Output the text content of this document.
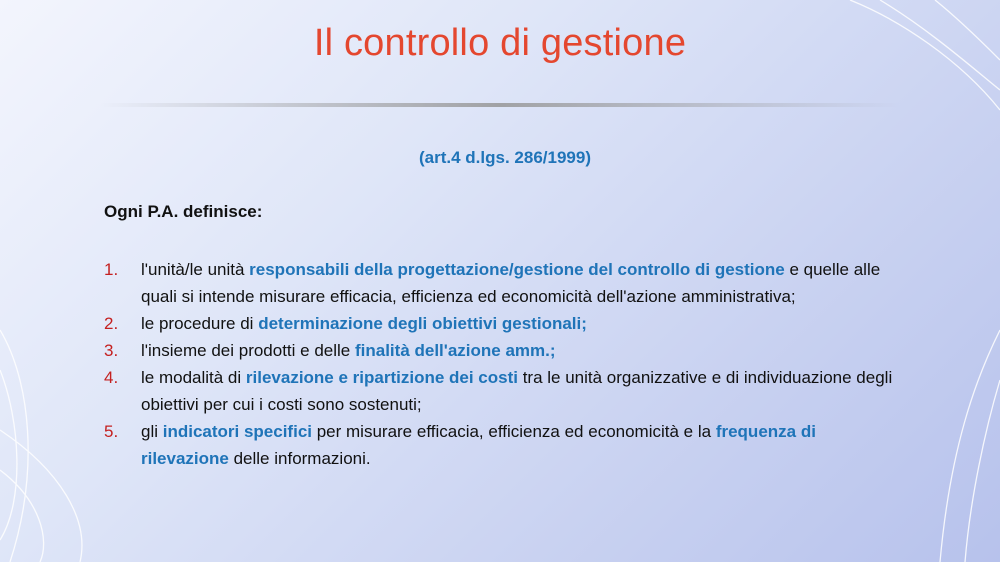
Il controllo di gestione
(art.4 d.lgs. 286/1999)
Ogni P.A. definisce:
1.	l'unità/le unità responsabili della progettazione/gestione del controllo di gestione e quelle alle quali si intende misurare efficacia, efficienza ed economicità dell'azione amministrativa;
2.	le procedure di determinazione degli obiettivi gestionali;
3.	l'insieme dei prodotti e delle finalità dell'azione amm.;
4.	le modalità di rilevazione e ripartizione dei costi tra le unità organizzative e di individuazione degli obiettivi per cui i costi sono sostenuti;
5.	gli indicatori specifici per misurare efficacia, efficienza ed economicità e la frequenza di rilevazione delle informazioni.
